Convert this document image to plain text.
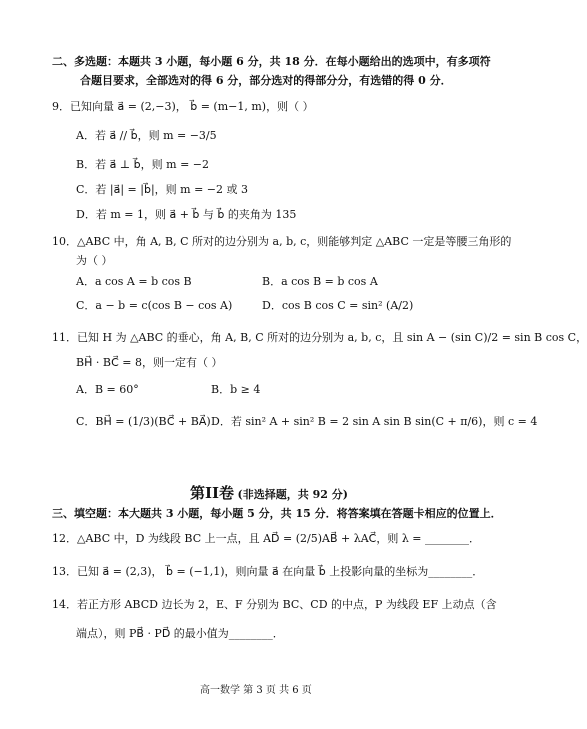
二、多选题：本题共 3 小题，每小题 6 分，共 18 分．在每小题给出的选项中，有多项符
合题目要求，全部选对的得 6 分，部分选对的得部分分，有选错的得 0 分．
9．已知向量 a⃗ = (2,−3)， b⃗ = (m−1, m)，则（ ）
A．若 a⃗ // b⃗，则 m = −3/5
B．若 a⃗ ⊥ b⃗，则 m = −2
C．若 |a⃗| = |b⃗|，则 m = −2 或 3
D．若 m = 1，则 a⃗ + b⃗ 与 b⃗ 的夹角为 135
10．△ABC 中，角 A, B, C 所对的边分别为 a, b, c，则能够判定 △ABC 一定是等腰三角形的
为（ ）
A．a cos A = b cos B	B．a cos B = b cos A
C．a − b = c(cos B − cos A)	D．cos B cos C = sin² (A/2)
11．已知 H 为 △ABC 的垂心，角 A, B, C 所对的边分别为 a, b, c，且 sin A − (sin C)/2 = sin B cos C，
BH⃗ · BC⃗ = 8，则一定有（ ）
A．B = 60°	B．b ≥ 4
C．BH⃗ = (1/3)(BC⃗ + BA⃗) D．若 sin² A + sin² B = 2 sin A sin B sin(C + π/6)，则 c = 4
第II卷 (非选择题，共 92 分)
三、填空题：本大题共 3 小题，每小题 5 分，共 15 分．将答案填在答题卡相应的位置上．
12．△ABC 中，D 为线段 BC 上一点，且 AD⃗ = (2/5)AB⃗ + λAC⃗，则 λ = ________．
13．已知 a⃗ = (2,3)， b⃗ = (−1,1)，则向量 a⃗ 在向量 b⃗ 上投影向量的坐标为________．
14．若正方形 ABCD 边长为 2，E、F 分别为 BC、CD 的中点，P 为线段 EF 上动点（含
端点），则 PB⃗ · PD⃗ 的最小值为________．
高一数学 第 3 页 共 6 页
